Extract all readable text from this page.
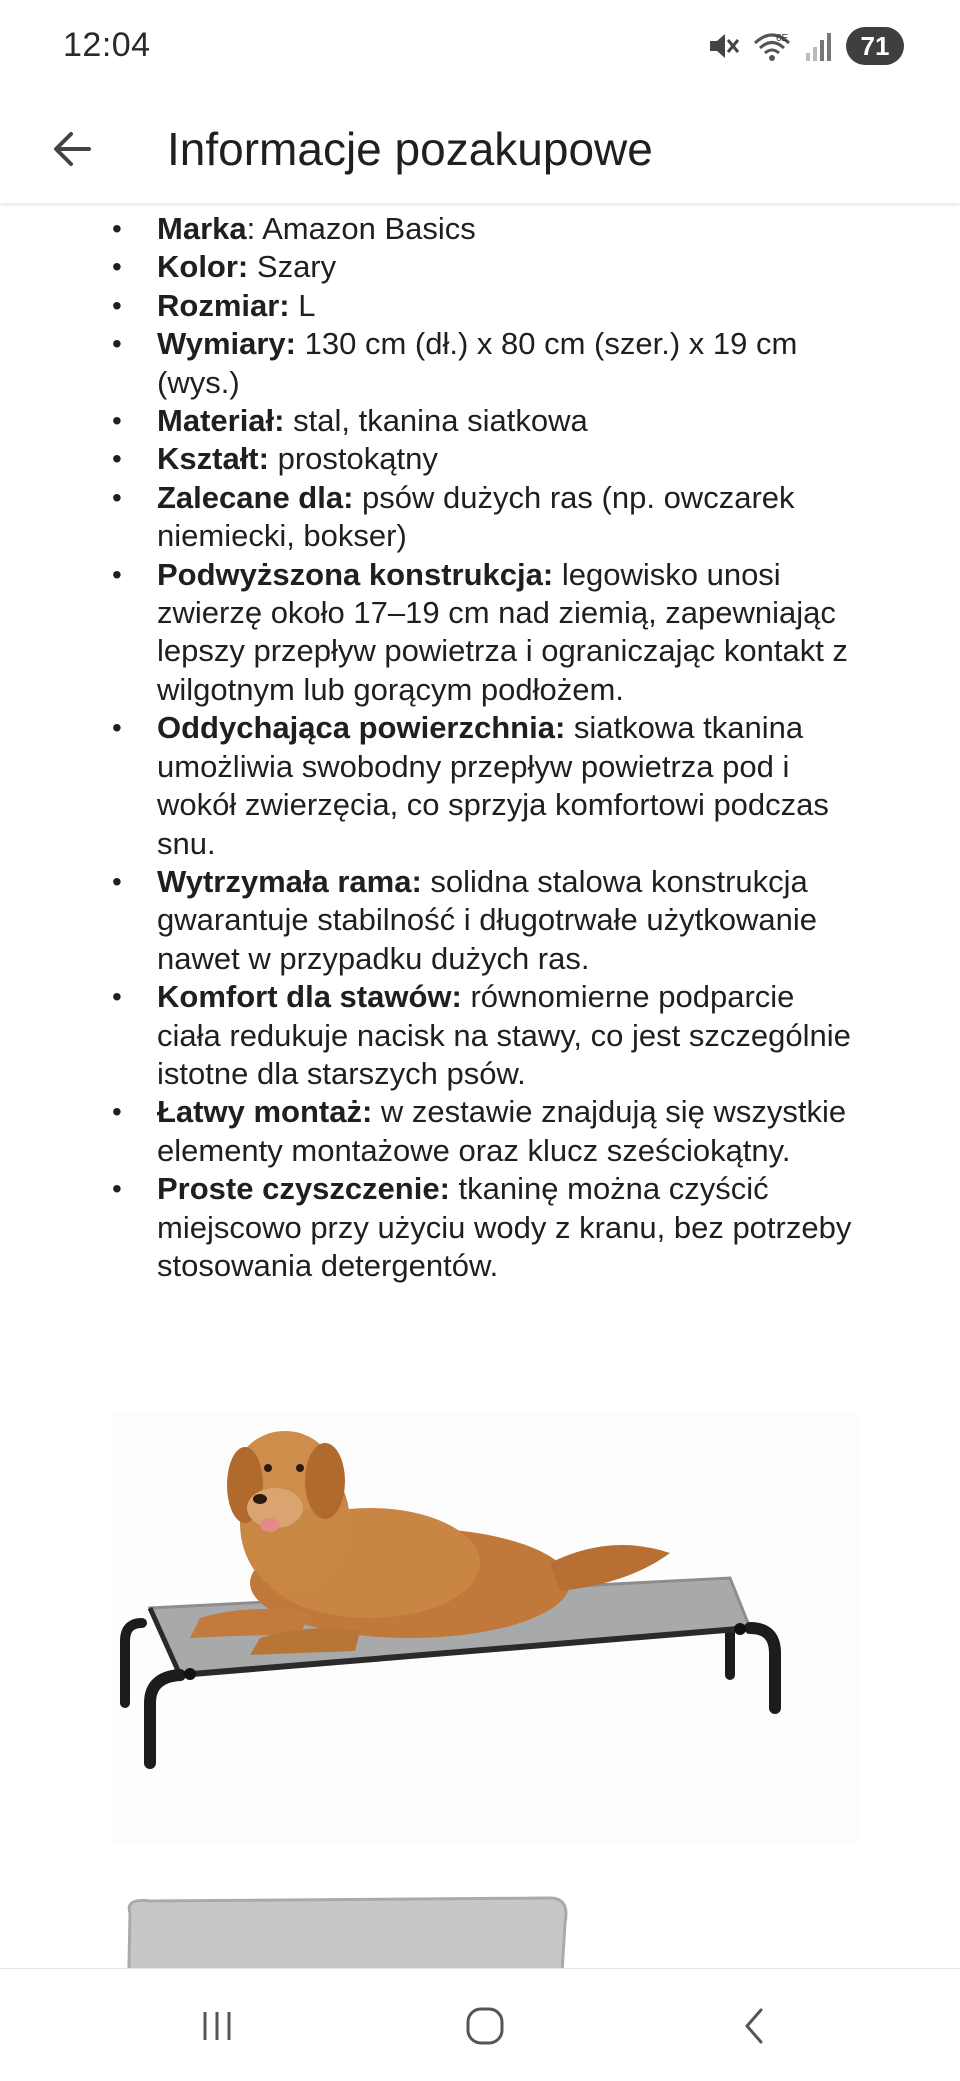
12:04	6E	71
Informacje pozakupowe
• Marka: Amazon Basics
• Kolor: Szary
• Rozmiar: L
• Wymiary: 130 cm (dł.) x 80 cm (szer.) x 19 cm (wys.)
• Materiał: stal, tkanina siatkowa
• Kształt: prostokątny
• Zalecane dla: psów dużych ras (np. owczarek niemiecki, bokser)
• Podwyższona konstrukcja: legowisko unosi zwierzę około 17–19 cm nad ziemią, zapewniając lepszy przepływ powietrza i ograniczając kontakt z wilgotnym lub gorącym podłożem.
• Oddychająca powierzchnia: siatkowa tkanina umożliwia swobodny przepływ powietrza pod i wokół zwierzęcia, co sprzyja komfortowi podczas snu.
• Wytrzymała rama: solidna stalowa konstrukcja gwarantuje stabilność i długotrwałe użytkowanie nawet w przypadku dużych ras.
• Komfort dla stawów: równomierne podparcie ciała redukuje nacisk na stawy, co jest szczególnie istotne dla starszych psów.
• Łatwy montaż: w zestawie znajdują się wszystkie elementy montażowe oraz klucz sześciokątny.
• Proste czyszczenie: tkaninę można czyścić miejscowo przy użyciu wody z kranu, bez potrzeby stosowania detergentów.
